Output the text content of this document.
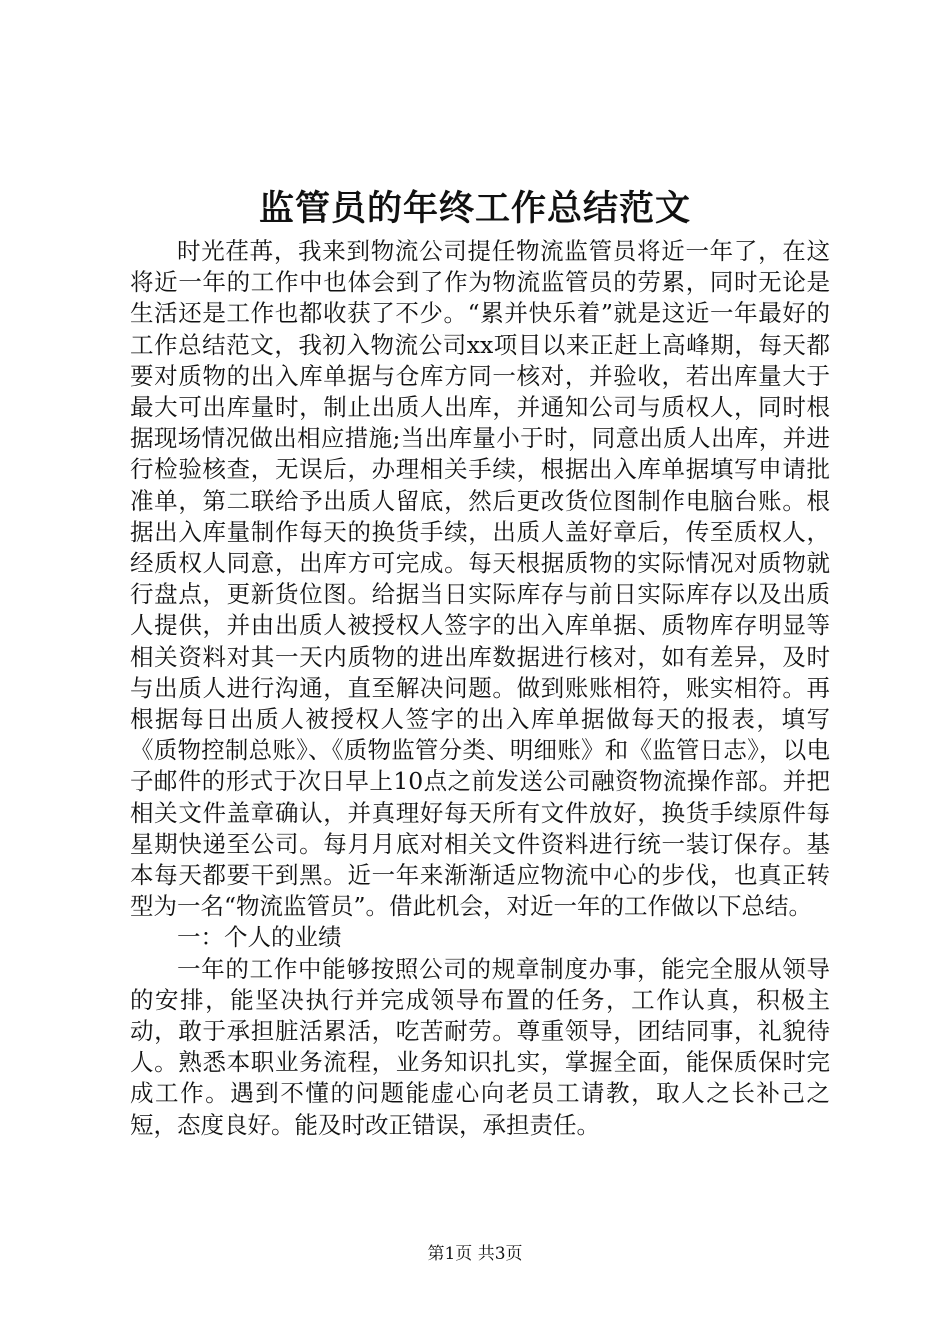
监管员的年终工作总结范文

时光荏苒，我来到物流公司提任物流监管员将近一年了，在这将近一年的工作中也体会到了作为物流监管员的劳累，同时无论是生活还是工作也都收获了不少。“累并快乐着”就是这近一年最好的工作总结范文，我初入物流公司xx项目以来正赶上高峰期，每天都要对质物的出入库单据与仓库方同一核对，并验收，若出库量大于最大可出库量时，制止出质人出库，并通知公司与质权人，同时根据现场情况做出相应措施;当出库量小于时，同意出质人出库，并进行检验核查，无误后，办理相关手续，根据出入库单据填写申请批准单，第二联给予出质人留底，然后更改货位图制作电脑台账。根据出入库量制作每天的换货手续，出质人盖好章后，传至质权人，经质权人同意，出库方可完成。每天根据质物的实际情况对质物就行盘点，更新货位图。给据当日实际库存与前日实际库存以及出质人提供，并由出质人被授权人签字的出入库单据、质物库存明显等相关资料对其一天内质物的进出库数据进行核对，如有差异，及时与出质人进行沟通，直至解决问题。做到账账相符，账实相符。再根据每日出质人被授权人签字的出入库单据做每天的报表，填写《质物控制总账》、《质物监管分类、明细账》和《监管日志》，以电子邮件的形式于次日早上10点之前发送公司融资物流操作部。并把相关文件盖章确认，并真理好每天所有文件放好，换货手续原件每星期快递至公司。每月月底对相关文件资料进行统一装订保存。基本每天都要干到黑。近一年来渐渐适应物流中心的步伐，也真正转型为一名“物流监管员”。借此机会，对近一年的工作做以下总结。

一：个人的业绩

一年的工作中能够按照公司的规章制度办事，能完全服从领导的安排，能坚决执行并完成领导布置的任务，工作认真，积极主动，敢于承担脏活累活，吃苦耐劳。尊重领导，团结同事，礼貌待人。熟悉本职业务流程，业务知识扎实，掌握全面，能保质保时完成工作。遇到不懂的问题能虚心向老员工请教，取人之长补己之短，态度良好。能及时改正错误，承担责任。

第1页 共3页
